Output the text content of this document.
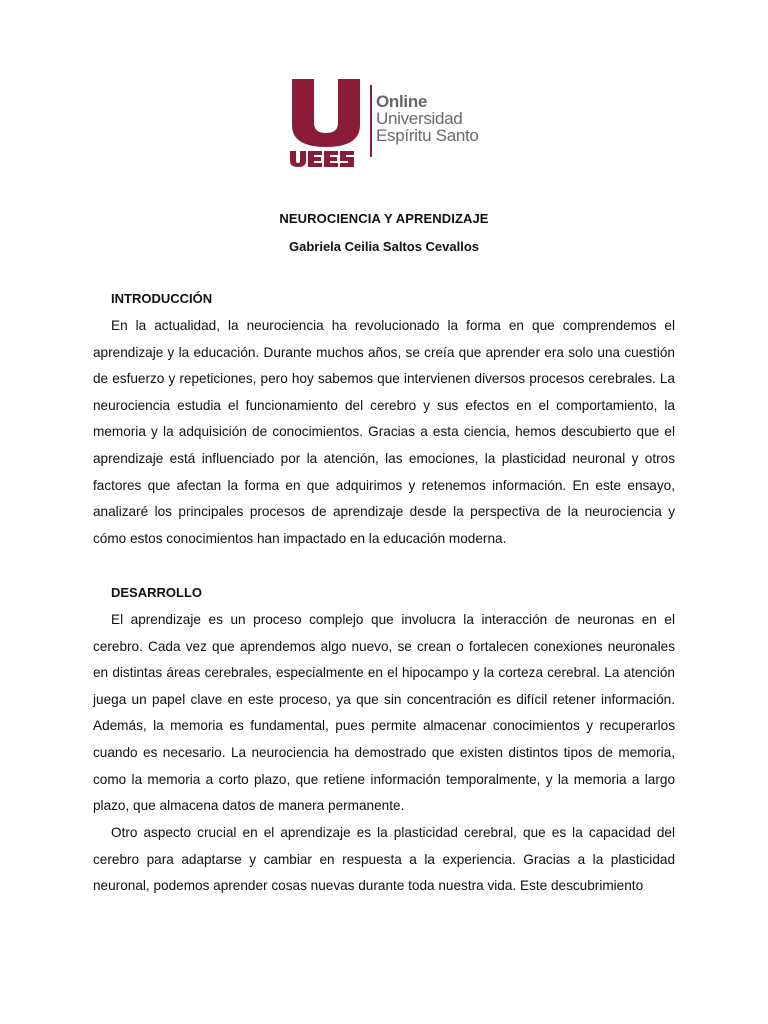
Online
Universidad
Espíritu Santo
NEUROCIENCIA Y APRENDIZAJE
Gabriela Ceilia Saltos Cevallos
INTRODUCCIÓN

En la actualidad, la neurociencia ha revolucionado la forma en que comprendemos el aprendizaje y la educación. Durante muchos años, se creía que aprender era solo una cuestión de esfuerzo y repeticiones, pero hoy sabemos que intervienen diversos procesos cerebrales. La neurociencia estudia el funcionamiento del cerebro y sus efectos en el comportamiento, la memoria y la adquisición de conocimientos. Gracias a esta ciencia, hemos descubierto que el aprendizaje está influenciado por la atención, las emociones, la plasticidad neuronal y otros factores que afectan la forma en que adquirimos y retenemos información. En este ensayo, analizaré los principales procesos de aprendizaje desde la perspectiva de la neurociencia y cómo estos conocimientos han impactado en la educación moderna.

DESARROLLO

El aprendizaje es un proceso complejo que involucra la interacción de neuronas en el cerebro. Cada vez que aprendemos algo nuevo, se crean o fortalecen conexiones neuronales en distintas áreas cerebrales, especialmente en el hipocampo y la corteza cerebral. La atención juega un papel clave en este proceso, ya que sin concentración es difícil retener información. Además, la memoria es fundamental, pues permite almacenar conocimientos y recuperarlos cuando es necesario. La neurociencia ha demostrado que existen distintos tipos de memoria, como la memoria a corto plazo, que retiene información temporalmente, y la memoria a largo plazo, que almacena datos de manera permanente.

Otro aspecto crucial en el aprendizaje es la plasticidad cerebral, que es la capacidad del cerebro para adaptarse y cambiar en respuesta a la experiencia. Gracias a la plasticidad neuronal, podemos aprender cosas nuevas durante toda nuestra vida. Este descubrimiento
